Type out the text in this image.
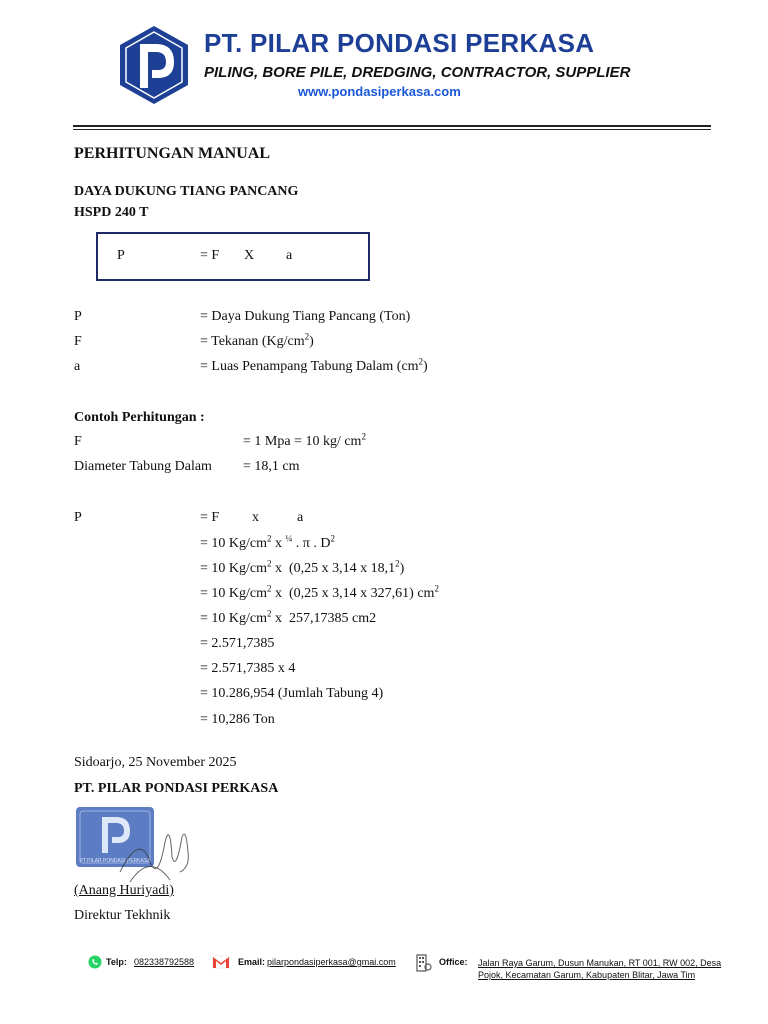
PT. PILAR PONDASI PERKASA
PILING, BORE PILE, DREDGING, CONTRACTOR, SUPPLIER
www.pondasiperkasa.com
PERHITUNGAN MANUAL
DAYA DUKUNG TIANG PANCANG
HSPD 240 T
P	= F X a
P	= Daya Dukung Tiang Pancang (Ton)
F	= Tekanan $(Kg/cm^2)$
a	= Luas Penampang Tabung Dalam $(cm^2)$
Contoh Perhitungan :
F	= 1 Mpa = 10 kg/ $cm^2$
Diameter Tabung Dalam = 18,1 cm
P	= F x	a
= 10 $Kg/cm^2$ x $^{\frac{1}{4}}$ . π . $D^2$
= 10 $Kg/cm^2$ x  (0,25 x 3,14 x $18,1^2$)
= 10 $Kg/cm^2$ x  (0,25 x 3,14 x 327,61) $cm^2$
= 10 $Kg/cm^2$ x  257,17385 cm2
= 2.571,7385
= 2.571,7385 x 4
= 10.286,954 (Jumlah Tabung 4)
= 10,286 Ton
Sidoarjo, 25 November 2025
PT. PILAR PONDASI PERKASA
PT PILAR PONDASI PERKASA
(Anang Huriyadi)
Direktur Tekhnik
Telp: 082338792588	Email: pilarpondasiperkasa@gmai.com	Office: Jalan Raya Garum, Dusun Manukan, RT 001, RW 002, Desa
Pojok, Kecamatan Garum, Kabupaten Blitar, Jawa Tim
